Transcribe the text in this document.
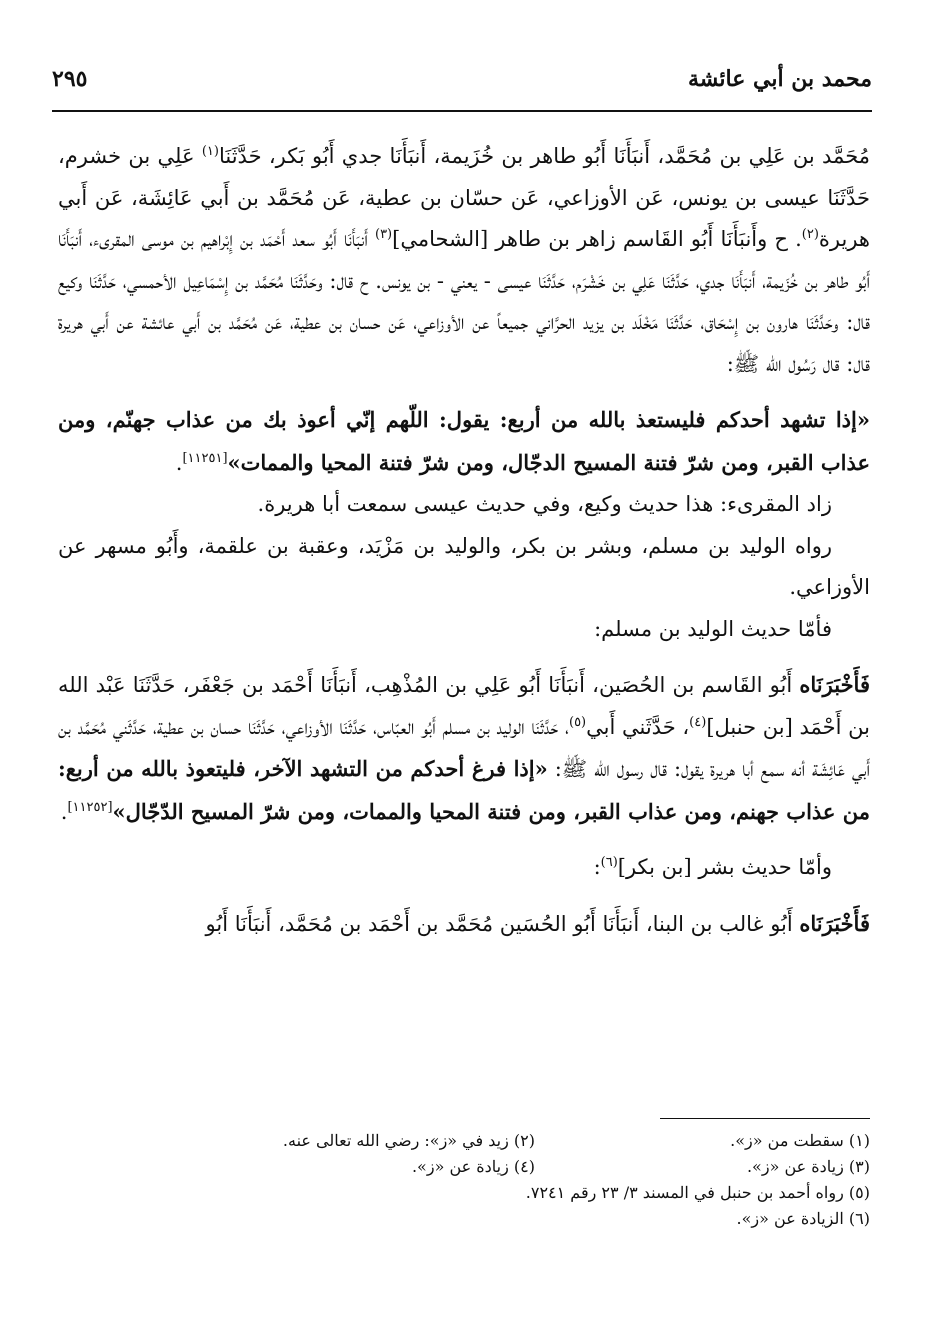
محمد بن أبي عائشة
٢٩٥

مُحَمَّد بن عَلِي بن مُحَمَّد، أَنبَأَنَا أَبُو طاهر بن خُزَيمة، أَنبَأَنَا جدي أَبُو بَكر، حَدَّثَنَا$^{(١)}$ عَلِي بن خشرم، حَدَّثَنَا عيسى بن يونس، عَن الأوزاعي، عَن حسّان بن عطية، عَن مُحَمَّد بن أَبي عَائِشَة، عَن أَبي هريرة$^{(٢)}$. ح وأَنبَأَنَا أَبُو القَاسم زاهر بن طاهر [الشحامي]$^{(٣)}$ أَنبَأَنَا أَبُو سعد أَحْمَد بن إِبْراهيم بن موسى المقرىء، أَنبَأَنَا أَبُو طاهر بن خُزَيمة، أَنبَأَنَا جدي، حَدَّثَنَا عَلِي بن خَشْرَم، حَدَّثَنَا عيسى - يعني - بن يونس. ح قال: وحَدَّثَنَا مُحَمَّد بن إِسْمَاعِيل الأحمسي، حَدَّثَنَا وكيع قال: وحَدَّثَنَا هارون بن إِسْحَاق، حَدَّثَنَا مَخْلَد بن يزيد الحرَّاني جميعاً عن الأوزاعي، عَن حسان بن عطية، عَن مُحَمَّد بن أَبي عائشة عن أَبي هريرة قال: قال رَسُول الله ﷺ:

«إذا تشهد أحدكم فليستعذ بالله من أربع: يقول: اللّهم إنّي أعوذ بك من عذاب جهنّم، ومن عذاب القبر، ومن شرّ فتنة المسيح الدجّال، ومن شرّ فتنة المحيا والممات»[١١٢٥١].

زاد المقرىء: هذا حديث وكيع، وفي حديث عيسى سمعت أبا هريرة.

رواه الوليد بن مسلم، وبشر بن بكر، والوليد بن مَزْيَد، وعقبة بن علقمة، وأَبُو مسهر عن الأوزاعي.

فأمّا حديث الوليد بن مسلم:

فَأَخْبَرَنَاه أَبُو القَاسم بن الحُصَين، أَنبَأَنَا أَبُو عَلِي بن المُذْهِب، أَنبَأَنَا أَحْمَد بن جَعْفَر، حَدَّثَنَا عَبْد الله بن أَحْمَد [بن حنبل]$^{(٤)}$، حَدَّثَني أَبي$^{(٥)}$، حَدَّثَنَا الوليد بن مسلم أَبُو العبّاس، حَدَّثَنَا الأوزاعي، حَدَّثَنَا حسان بن عطية، حَدَّثَني مُحَمَّد بن أَبي عَائِشَة أنه سمع أبا هريرة يقول: قال رسول الله ﷺ: «إذا فرغ أحدكم من التشهد الآخر، فليتعوذ بالله من أربع: من عذاب جهنم، ومن عذاب القبر، ومن فتنة المحيا والممات، ومن شرّ المسيح الدّجّال»[١١٢٥٢].

وأمّا حديث بشر [بن بكر]$^{(٦)}$:

فَأَخْبَرَنَاه أَبُو غالب بن البنا، أَنبَأَنَا أَبُو الحُسَين مُحَمَّد بن أَحْمَد بن مُحَمَّد، أَنبَأَنَا أَبُو

(١) سقطت من «ز».
(٢) زيد في «ز»: رضي الله تعالى عنه.
(٣) زيادة عن «ز».
(٤) زيادة عن «ز».
(٥) رواه أحمد بن حنبل في المسند ٣/ ٢٣ رقم ٧٢٤١.
(٦) الزيادة عن «ز».
